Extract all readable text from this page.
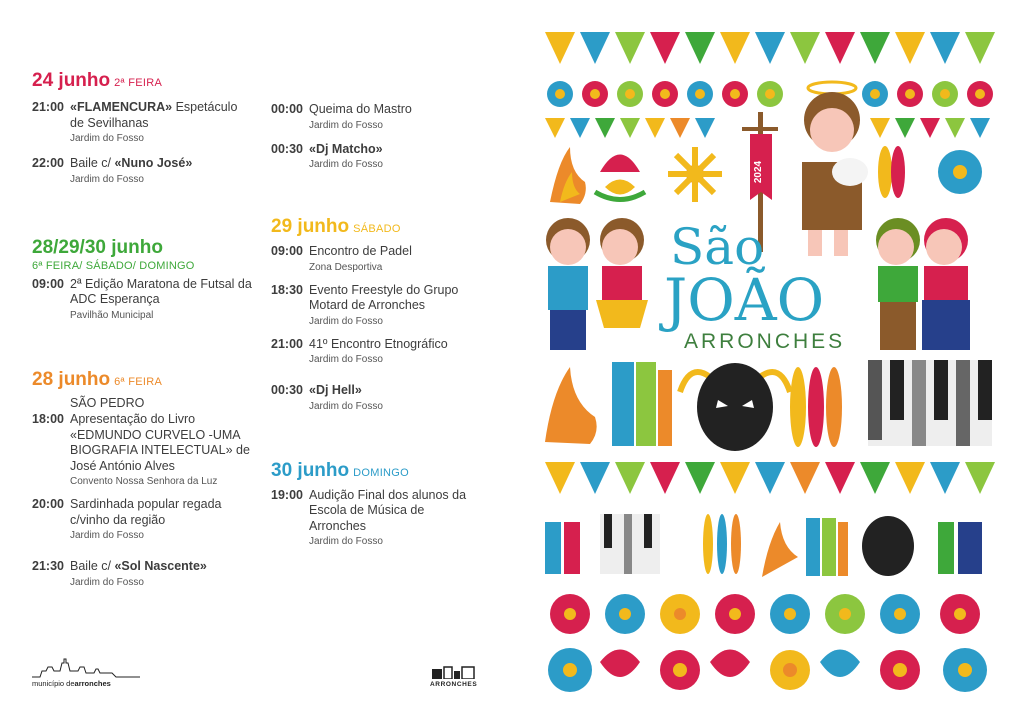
24 junho 2ª FEIRA
21:00 «FLAMENCURA» Espetáculo de Sevilhanas
Jardim do Fosso
22:00 Baile c/ «Nuno José»
Jardim do Fosso
28/29/30 junho
6ª FEIRA/ SÁBADO/ DOMINGO
09:00 2ª Edição Maratona de Futsal da ADC Esperança
Pavilhão Municipal
28 junho 6ª FEIRA
SÃO PEDRO
18:00 Apresentação do Livro «EDMUNDO CURVELO -UMA BIOGRAFIA INTELECTUAL» de José António Alves
Convento Nossa Senhora da Luz
20:00 Sardinhada popular regada c/vinho da região
Jardim do Fosso
21:30 Baile c/ «Sol Nascente»
Jardim do Fosso
00:00 Queima do Mastro
Jardim do Fosso
00:30 «Dj Matcho»
Jardim do Fosso
29 junho SÁBADO
09:00 Encontro de Padel
Zona Desportiva
18:30 Evento Freestyle do Grupo Motard de Arronches
Jardim do Fosso
21:00 41º Encontro Etnográfico
Jardim do Fosso
00:30 «Dj Hell»
Jardim do Fosso
30 junho DOMINGO
19:00 Audição Final dos alunos da Escola de Música de Arronches
Jardim do Fosso
município dearronches	ARRONCHES
2024
São
JOÃO
ARRONCHES
